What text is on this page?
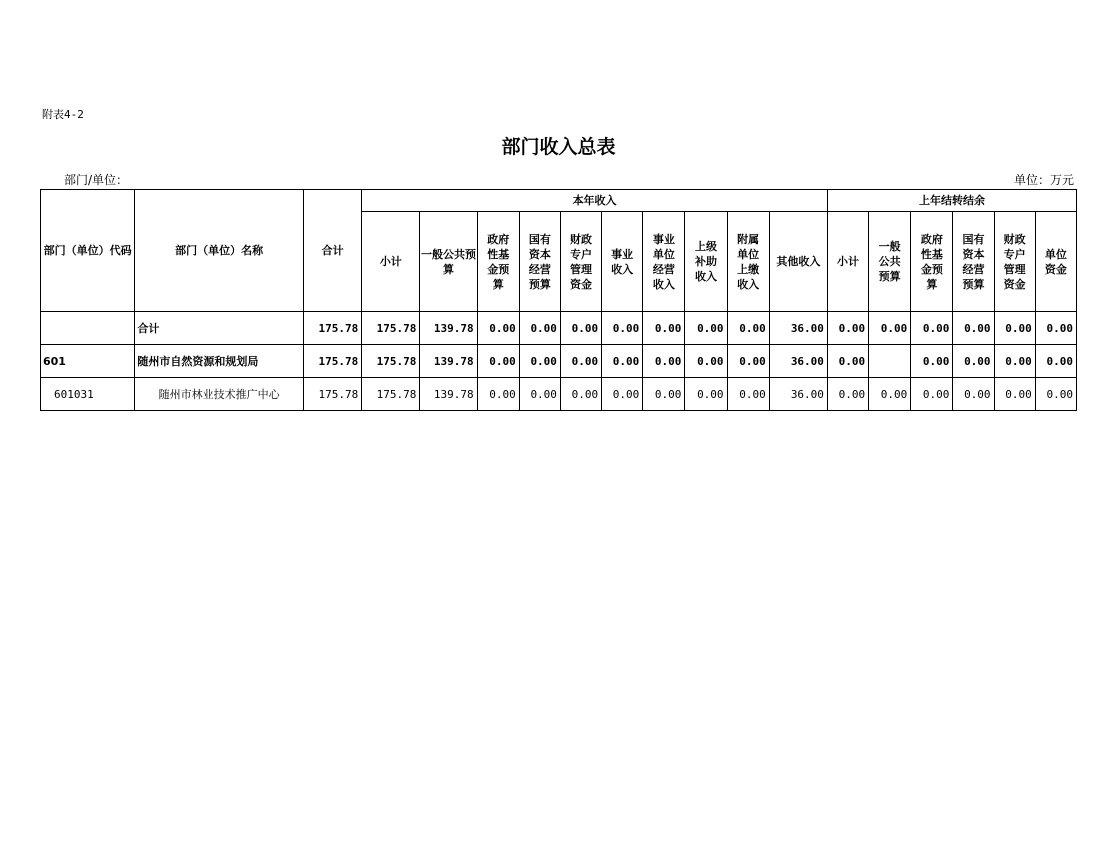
附表4-2
部门收入总表
部门/单位：	单位：万元
部门（单位）代码	部门（单位）名称	合计	本年收入										上年结转结余					

			小计	一般公共预算	政府性基金预算	国有资本经营预算	财政专户管理资金	事业收入	事业单位经营收入	上级补助收入	附属单位上缴收入	其他收入	小计	一般公共预算	政府性基金预算	国有资本经营预算	财政专户管理资金	单位资金

	合计	175.78	175.78	139.78	0.00	0.00	0.00	0.00	0.00	0.00	0.00	36.00	0.00	0.00	0.00	0.00	0.00	0.00
601	随州市自然资源和规划局	175.78	175.78	139.78	0.00	0.00	0.00	0.00	0.00	0.00	0.00	36.00	0.00		0.00	0.00	0.00	0.00
601031	随州市林业技术推广中心	175.78	175.78	139.78	0.00	0.00	0.00	0.00	0.00	0.00	0.00	36.00	0.00	0.00	0.00	0.00	0.00	0.00
